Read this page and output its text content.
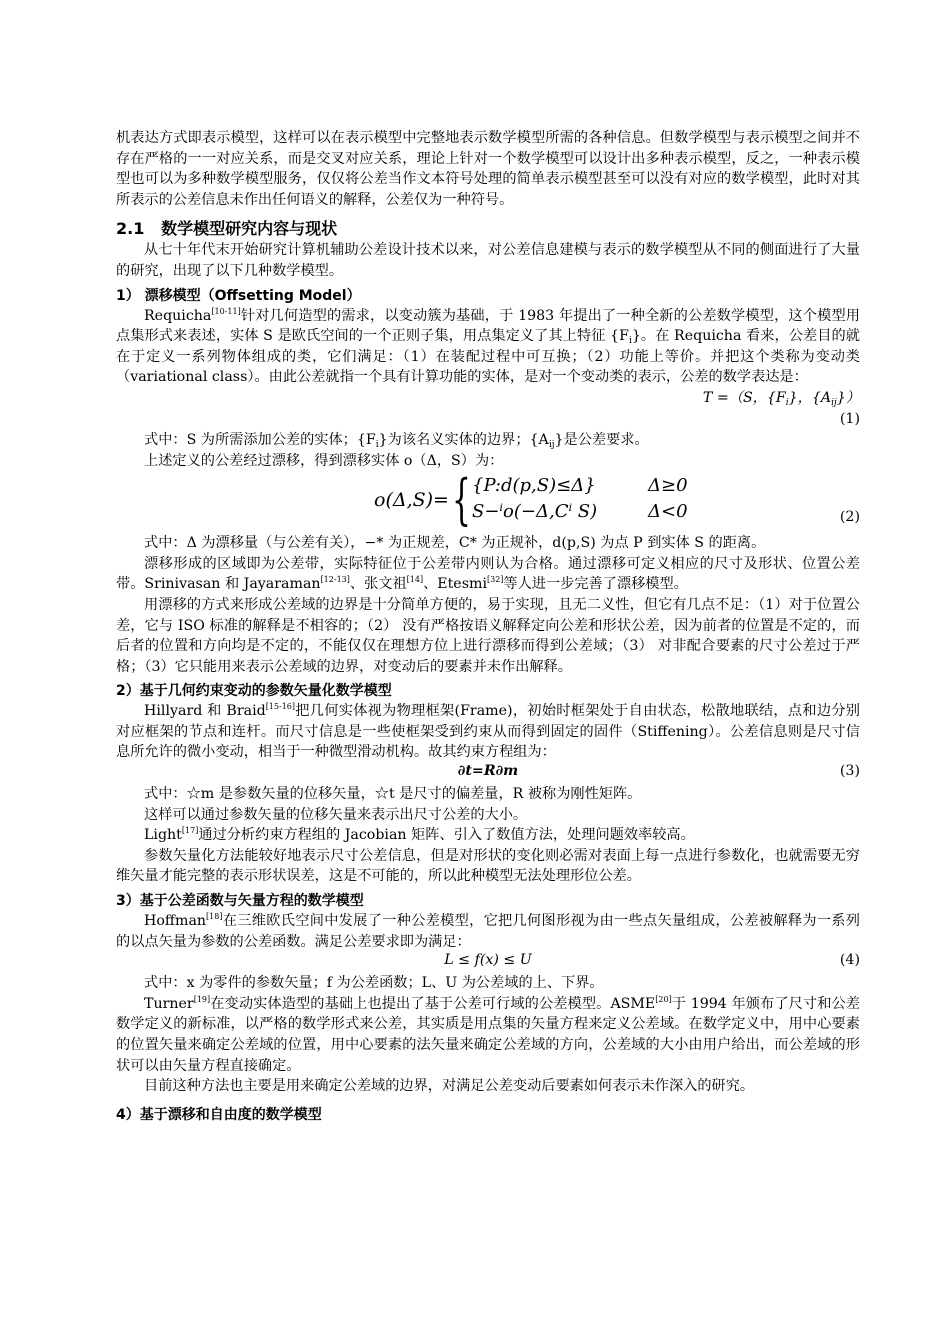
机表达方式即表示模型，这样可以在表示模型中完整地表示数学模型所需的各种信息。但数学模型与表示模型之间并不存在严格的一一对应关系，而是交叉对应关系，理论上针对一个数学模型可以设计出多种表示模型，反之，一种表示模型也可以为多种数学模型服务，仅仅将公差当作文本符号处理的简单表示模型甚至可以没有对应的数学模型，此时对其所表示的公差信息未作出任何语义的解释，公差仅为一种符号。

2.1 数学模型研究内容与现状

从七十年代末开始研究计算机辅助公差设计技术以来，对公差信息建模与表示的数学模型从不同的侧面进行了大量的研究，出现了以下几种数学模型。

1） 漂移模型（Offsetting Model）

Requicha[10-11]针对几何造型的需求，以变动簇为基础，于 1983 年提出了一种全新的公差数学模型，这个模型用点集形式来表述，实体 S 是欧氏空间的一个正则子集，用点集定义了其上特征 $\{F_i\}$。在 Requicha 看来，公差目的就在于定义一系列物体组成的类，它们满足：（1）在装配过程中可互换；（2）功能上等价。并把这个类称为变动类（variational class）。由此公差就指一个具有计算功能的实体，是对一个变动类的表示，公差的数学表达是：

T =（S，$\{F_i\}$，$\{A_{ij}\}$）
(1)

式中：S 为所需添加公差的实体；$\{F_i\}$为该名义实体的边界；$\{A_{ij}\}$是公差要求。

上述定义的公差经过漂移，得到漂移实体 o（Δ，S）为：

o(Δ,S)= { {P:d(p,S)≤Δ}
S−ⁱo(−Δ,Cⁱ S)
Δ≥0
Δ<0	(2)

式中：Δ 为漂移量（与公差有关），−* 为正规差，C* 为正规补，d(p,S) 为点 P 到实体 S 的距离。

漂移形成的区域即为公差带，实际特征位于公差带内则认为合格。通过漂移可定义相应的尺寸及形状、位置公差带。Srinivasan 和 Jayaraman[12-13]、张文祖[14]、Etesmi[32]等人进一步完善了漂移模型。

用漂移的方式来形成公差域的边界是十分简单方便的，易于实现，且无二义性，但它有几点不足：（1）对于位置公差，它与 ISO 标准的解释是不相容的；（2） 没有严格按语义解释定向公差和形状公差，因为前者的位置是不定的，而后者的位置和方向均是不定的，不能仅仅在理想方位上进行漂移而得到公差域；（3） 对非配合要素的尺寸公差过于严格；（3）它只能用来表示公差域的边界，对变动后的要素并未作出解释。

2）基于几何约束变动的参数矢量化数学模型

Hillyard 和 Braid[15-16]把几何实体视为物理框架(Frame)，初始时框架处于自由状态，松散地联结，点和边分别对应框架的节点和连杆。而尺寸信息是一些使框架受到约束从而得到固定的固件（Stiffening）。公差信息则是尺寸信息所允许的微小变动，相当于一种微型滑动机构。故其约束方程组为：

∂t=R∂m	(3)

式中：☆m 是参数矢量的位移矢量，☆t 是尺寸的偏差量，R 被称为刚性矩阵。

这样可以通过参数矢量的位移矢量来表示出尺寸公差的大小。

Light[17]通过分析约束方程组的 Jacobian 矩阵、引入了数值方法，处理问题效率较高。

参数矢量化方法能较好地表示尺寸公差信息，但是对形状的变化则必需对表面上每一点进行参数化，也就需要无穷维矢量才能完整的表示形状误差，这是不可能的，所以此种模型无法处理形位公差。

3）基于公差函数与矢量方程的数学模型

Hoffman[18]在三维欧氏空间中发展了一种公差模型，它把几何图形视为由一些点矢量组成，公差被解释为一系列的以点矢量为参数的公差函数。满足公差要求即为满足：

L ≤ f(x) ≤ U	(4)

式中：x 为零件的参数矢量；f 为公差函数；L、U 为公差域的上、下界。

Turner[19]在变动实体造型的基础上也提出了基于公差可行域的公差模型。ASME[20]于 1994 年颁布了尺寸和公差数学定义的新标准，以严格的数学形式来公差，其实质是用点集的矢量方程来定义公差域。在数学定义中，用中心要素的位置矢量来确定公差域的位置，用中心要素的法矢量来确定公差域的方向，公差域的大小由用户给出，而公差域的形状可以由矢量方程直接确定。

目前这种方法也主要是用来确定公差域的边界，对满足公差变动后要素如何表示未作深入的研究。

4）基于漂移和自由度的数学模型
